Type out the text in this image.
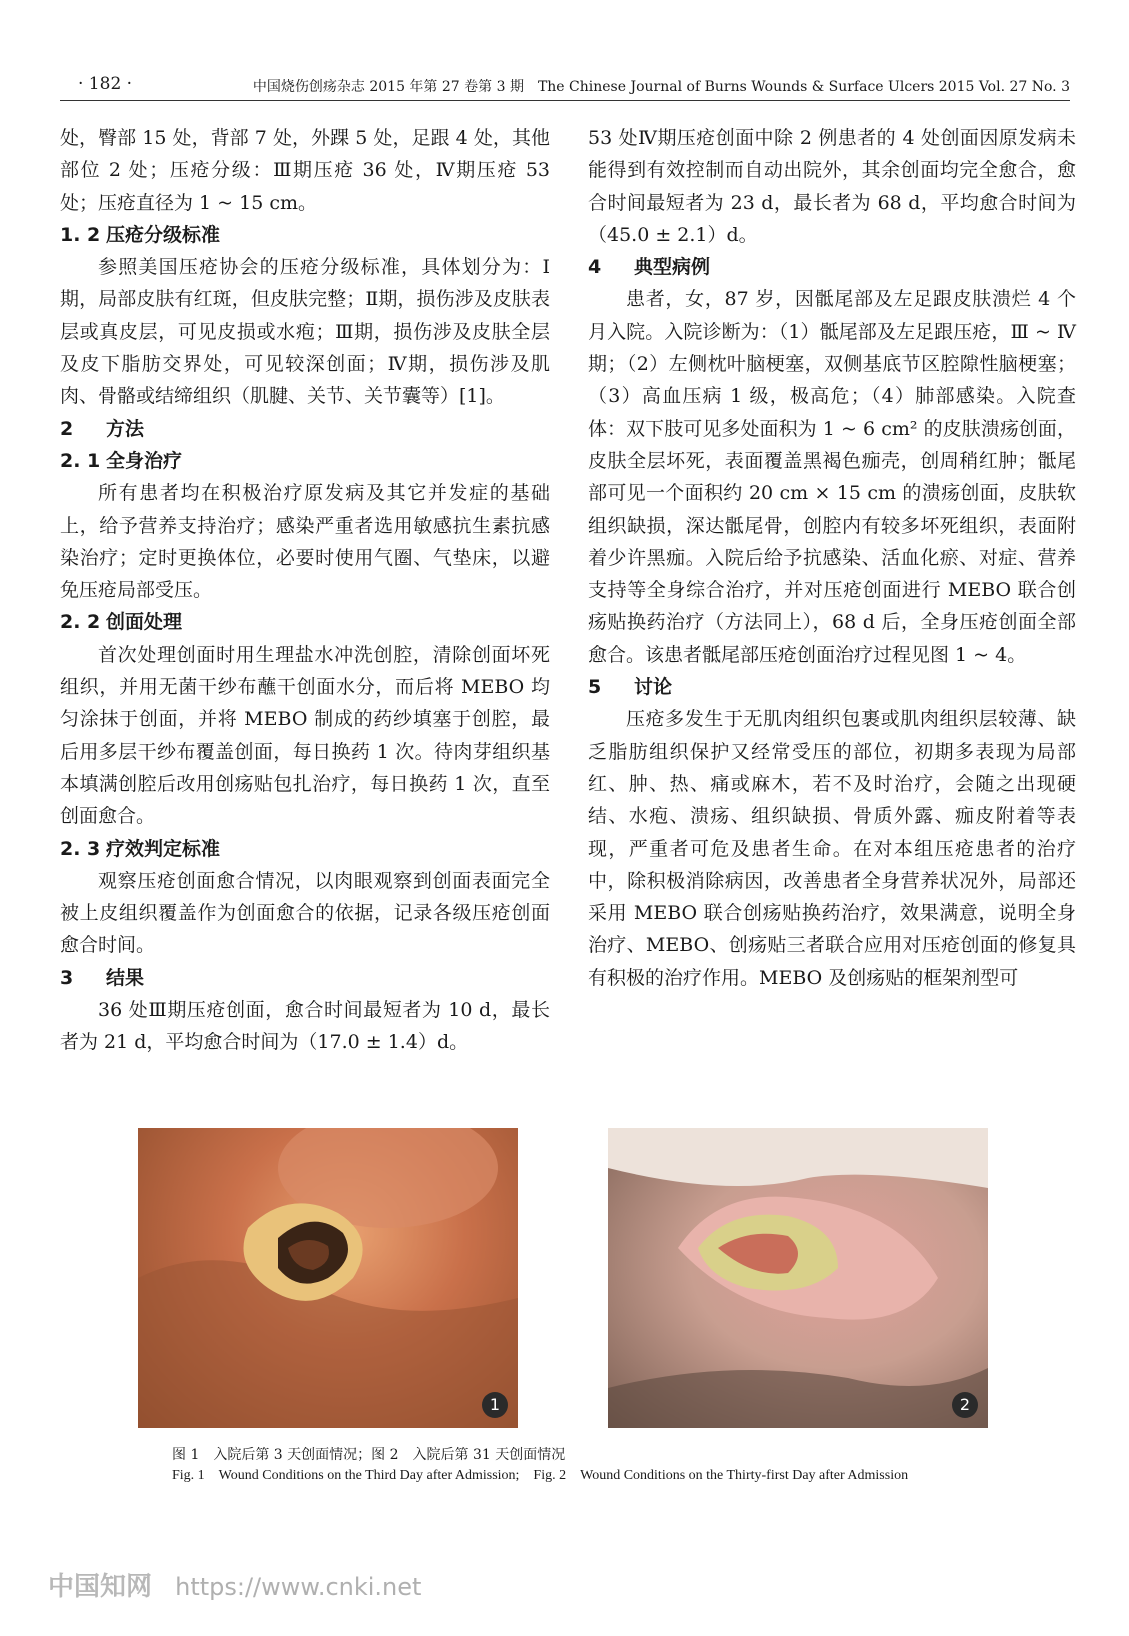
· 182 ·	中国烧伤创疡杂志 2015 年第 27 卷第 3 期　The Chinese Journal of Burns Wounds & Surface Ulcers 2015 Vol. 27 No. 3

处，臀部 15 处，背部 7 处，外踝 5 处，足跟 4 处，其他部位 2 处；压疮分级：Ⅲ期压疮 36 处，Ⅳ期压疮 53 处；压疮直径为 1 ~ 15 cm。

1. 2 压疮分级标准

参照美国压疮协会的压疮分级标准，具体划分为：Ⅰ期，局部皮肤有红斑，但皮肤完整；Ⅱ期，损伤涉及皮肤表层或真皮层，可见皮损或水疱；Ⅲ期，损伤涉及皮肤全层及皮下脂肪交界处，可见较深创面；Ⅳ期，损伤涉及肌肉、骨骼或结缔组织（肌腱、关节、关节囊等）[1]。

2 方法
2. 1 全身治疗

所有患者均在积极治疗原发病及其它并发症的基础上，给予营养支持治疗；感染严重者选用敏感抗生素抗感染治疗；定时更换体位，必要时使用气圈、气垫床，以避免压疮局部受压。

2. 2 创面处理

首次处理创面时用生理盐水冲洗创腔，清除创面坏死组织，并用无菌干纱布蘸干创面水分，而后将 MEBO 均匀涂抹于创面，并将 MEBO 制成的药纱填塞于创腔，最后用多层干纱布覆盖创面，每日换药 1 次。待肉芽组织基本填满创腔后改用创疡贴包扎治疗，每日换药 1 次，直至创面愈合。

2. 3 疗效判定标准

观察压疮创面愈合情况，以肉眼观察到创面表面完全被上皮组织覆盖作为创面愈合的依据，记录各级压疮创面愈合时间。

3 结果

36 处Ⅲ期压疮创面，愈合时间最短者为 10 d，最长者为 21 d，平均愈合时间为（17.0 ± 1.4）d。

53 处Ⅳ期压疮创面中除 2 例患者的 4 处创面因原发病未能得到有效控制而自动出院外，其余创面均完全愈合，愈合时间最短者为 23 d，最长者为 68 d，平均愈合时间为（45.0 ± 2.1）d。

4 典型病例

患者，女，87 岁，因骶尾部及左足跟皮肤溃烂 4 个月入院。入院诊断为：（1）骶尾部及左足跟压疮，Ⅲ ~ Ⅳ期；（2）左侧枕叶脑梗塞，双侧基底节区腔隙性脑梗塞；（3）高血压病 1 级，极高危；（4）肺部感染。入院查体：双下肢可见多处面积为 1 ~ 6 cm² 的皮肤溃疡创面，皮肤全层坏死，表面覆盖黑褐色痂壳，创周稍红肿；骶尾部可见一个面积约 20 cm × 15 cm 的溃疡创面，皮肤软组织缺损，深达骶尾骨，创腔内有较多坏死组织，表面附着少许黑痂。入院后给予抗感染、活血化瘀、对症、营养支持等全身综合治疗，并对压疮创面进行 MEBO 联合创疡贴换药治疗（方法同上），68 d 后，全身压疮创面全部愈合。该患者骶尾部压疮创面治疗过程见图 1 ~ 4。

5 讨论

压疮多发生于无肌肉组织包裹或肌肉组织层较薄、缺乏脂肪组织保护又经常受压的部位，初期多表现为局部红、肿、热、痛或麻木，若不及时治疗，会随之出现硬结、水疱、溃疡、组织缺损、骨质外露、痂皮附着等表现，严重者可危及患者生命。在对本组压疮患者的治疗中，除积极消除病因，改善患者全身营养状况外，局部还采用 MEBO 联合创疡贴换药治疗，效果满意，说明全身治疗、MEBO、创疡贴三者联合应用对压疮创面的修复具有积极的治疗作用。MEBO 及创疡贴的框架剂型可

1	2
图 1　入院后第 3 天创面情况；图 2　入院后第 31 天创面情况
Fig. 1　Wound Conditions on the Third Day after Admission;　Fig. 2　Wound Conditions on the Thirty-first Day after Admission
中国知网 https://www.cnki.net
